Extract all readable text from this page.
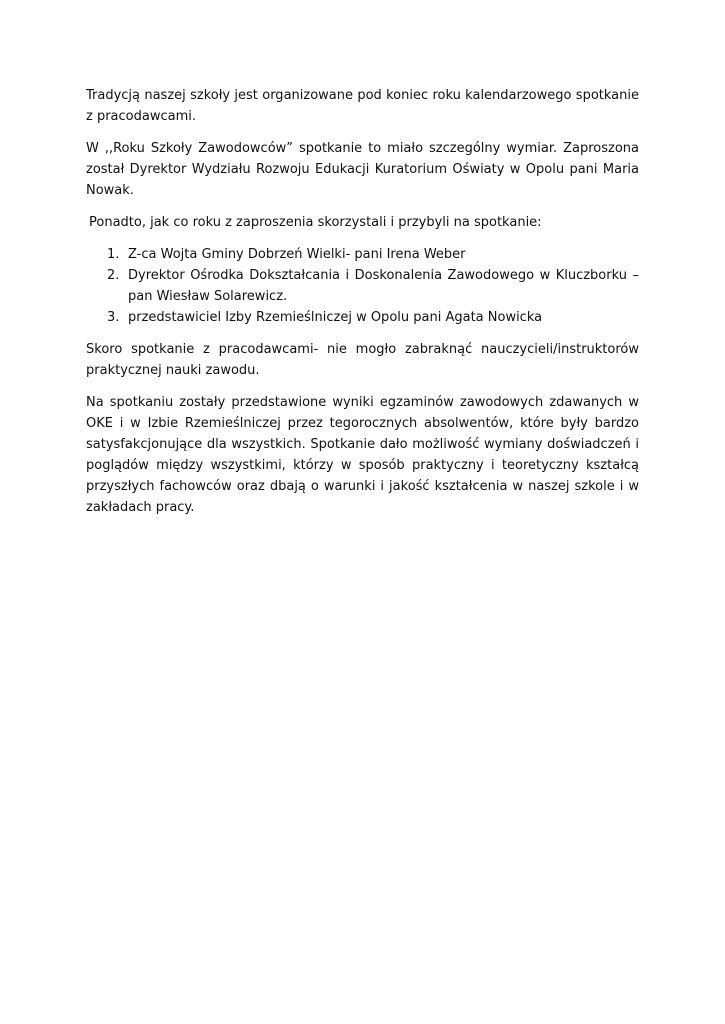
Tradycją naszej szkoły jest organizowane pod koniec roku kalendarzowego spotkanie z pracodawcami.

W ,,Roku Szkoły Zawodowców” spotkanie to miało szczególny wymiar. Zaproszona został Dyrektor Wydziału Rozwoju Edukacji Kuratorium Oświaty w Opolu pani Maria Nowak.

Ponadto, jak co roku z zaproszenia skorzystali i przybyli na spotkanie:

1. Z-ca Wojta Gminy Dobrzeń Wielki- pani Irena Weber
2. Dyrektor Ośrodka Dokształcania i Doskonalenia Zawodowego w Kluczborku –pan Wiesław Solarewicz.
3. przedstawiciel Izby Rzemieślniczej w Opolu pani Agata Nowicka

Skoro spotkanie z pracodawcami- nie mogło zabraknąć nauczycieli/instruktorów praktycznej nauki zawodu.

Na spotkaniu zostały przedstawione wyniki egzaminów zawodowych zdawanych w OKE i w Izbie Rzemieślniczej przez tegorocznych absolwentów, które były bardzo satysfakcjonujące dla wszystkich. Spotkanie dało możliwość wymiany doświadczeń i poglądów między wszystkimi, którzy w sposób praktyczny i teoretyczny kształcą przyszłych fachowców oraz dbają o warunki i jakość kształcenia w naszej szkole i w zakładach pracy.
